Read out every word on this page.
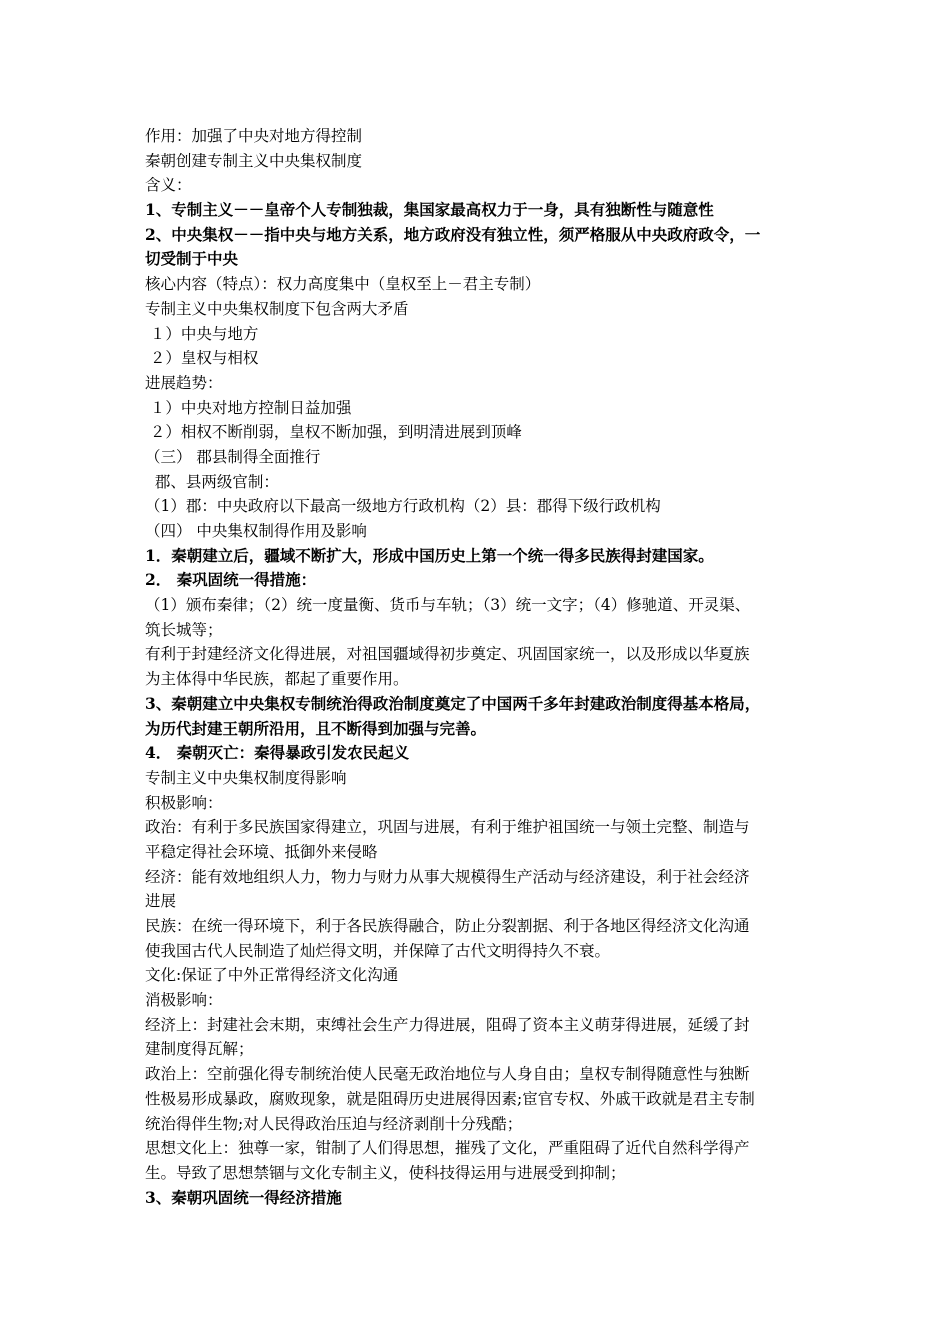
作用：加强了中央对地方得控制
秦朝创建专制主义中央集权制度
含义：
1、专制主义－－皇帝个人专制独裁，集国家最高权力于一身，具有独断性与随意性
2、中央集权－－指中央与地方关系，地方政府没有独立性，须严格服从中央政府政令，一
切受制于中央
核心内容（特点）：权力高度集中（皇权至上－君主专制）
专制主义中央集权制度下包含两大矛盾
１）中央与地方
２）皇权与相权
进展趋势：
１）中央对地方控制日益加强
２）相权不断削弱，皇权不断加强，到明清进展到顶峰
（三） 郡县制得全面推行
郡、县两级官制：
（1）郡：中央政府以下最高一级地方行政机构（2）县：郡得下级行政机构
（四） 中央集权制得作用及影响
1．秦朝建立后，疆域不断扩大，形成中国历史上第一个统一得多民族得封建国家。
2． 秦巩固统一得措施：
（1）颁布秦律；（2）统一度量衡、货币与车轨；（3）统一文字；（4）修驰道、开灵渠、
筑长城等；
有利于封建经济文化得进展，对祖国疆域得初步奠定、巩固国家统一，以及形成以华夏族
为主体得中华民族，都起了重要作用。
3、秦朝建立中央集权专制统治得政治制度奠定了中国两千多年封建政治制度得基本格局，
为历代封建王朝所沿用，且不断得到加强与完善。
4． 秦朝灭亡：秦得暴政引发农民起义
专制主义中央集权制度得影响
积极影响：
政治：有利于多民族国家得建立，巩固与进展，有利于维护祖国统一与领土完整、制造与
平稳定得社会环境、抵御外来侵略
经济：能有效地组织人力，物力与财力从事大规模得生产活动与经济建设，利于社会经济
进展
民族：在统一得环境下，利于各民族得融合，防止分裂割据、利于各地区得经济文化沟通
使我国古代人民制造了灿烂得文明，并保障了古代文明得持久不衰。
文化:保证了中外正常得经济文化沟通
消极影响：
经济上：封建社会末期，束缚社会生产力得进展，阻碍了资本主义萌芽得进展，延缓了封
建制度得瓦解；
政治上：空前强化得专制统治使人民毫无政治地位与人身自由；皇权专制得随意性与独断
性极易形成暴政，腐败现象，就是阻碍历史进展得因素;宦官专权、外戚干政就是君主专制
统治得伴生物;对人民得政治压迫与经济剥削十分残酷；
思想文化上：独尊一家，钳制了人们得思想，摧残了文化，严重阻碍了近代自然科学得产
生。导致了思想禁锢与文化专制主义，使科技得运用与进展受到抑制；
3、秦朝巩固统一得经济措施
